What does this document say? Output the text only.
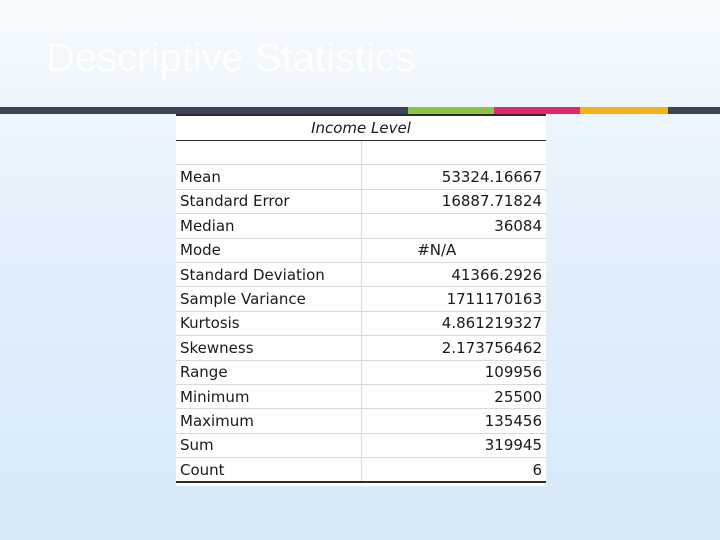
Descriptive Statistics
Income Level	

Mean	53324.16667
Standard Error	16887.71824
Median	36084
Mode	#N/A
Standard Deviation	41366.2926
Sample Variance	1711170163
Kurtosis	4.861219327
Skewness	2.173756462
Range	109956
Minimum	25500
Maximum	135456
Sum	319945
Count	6
